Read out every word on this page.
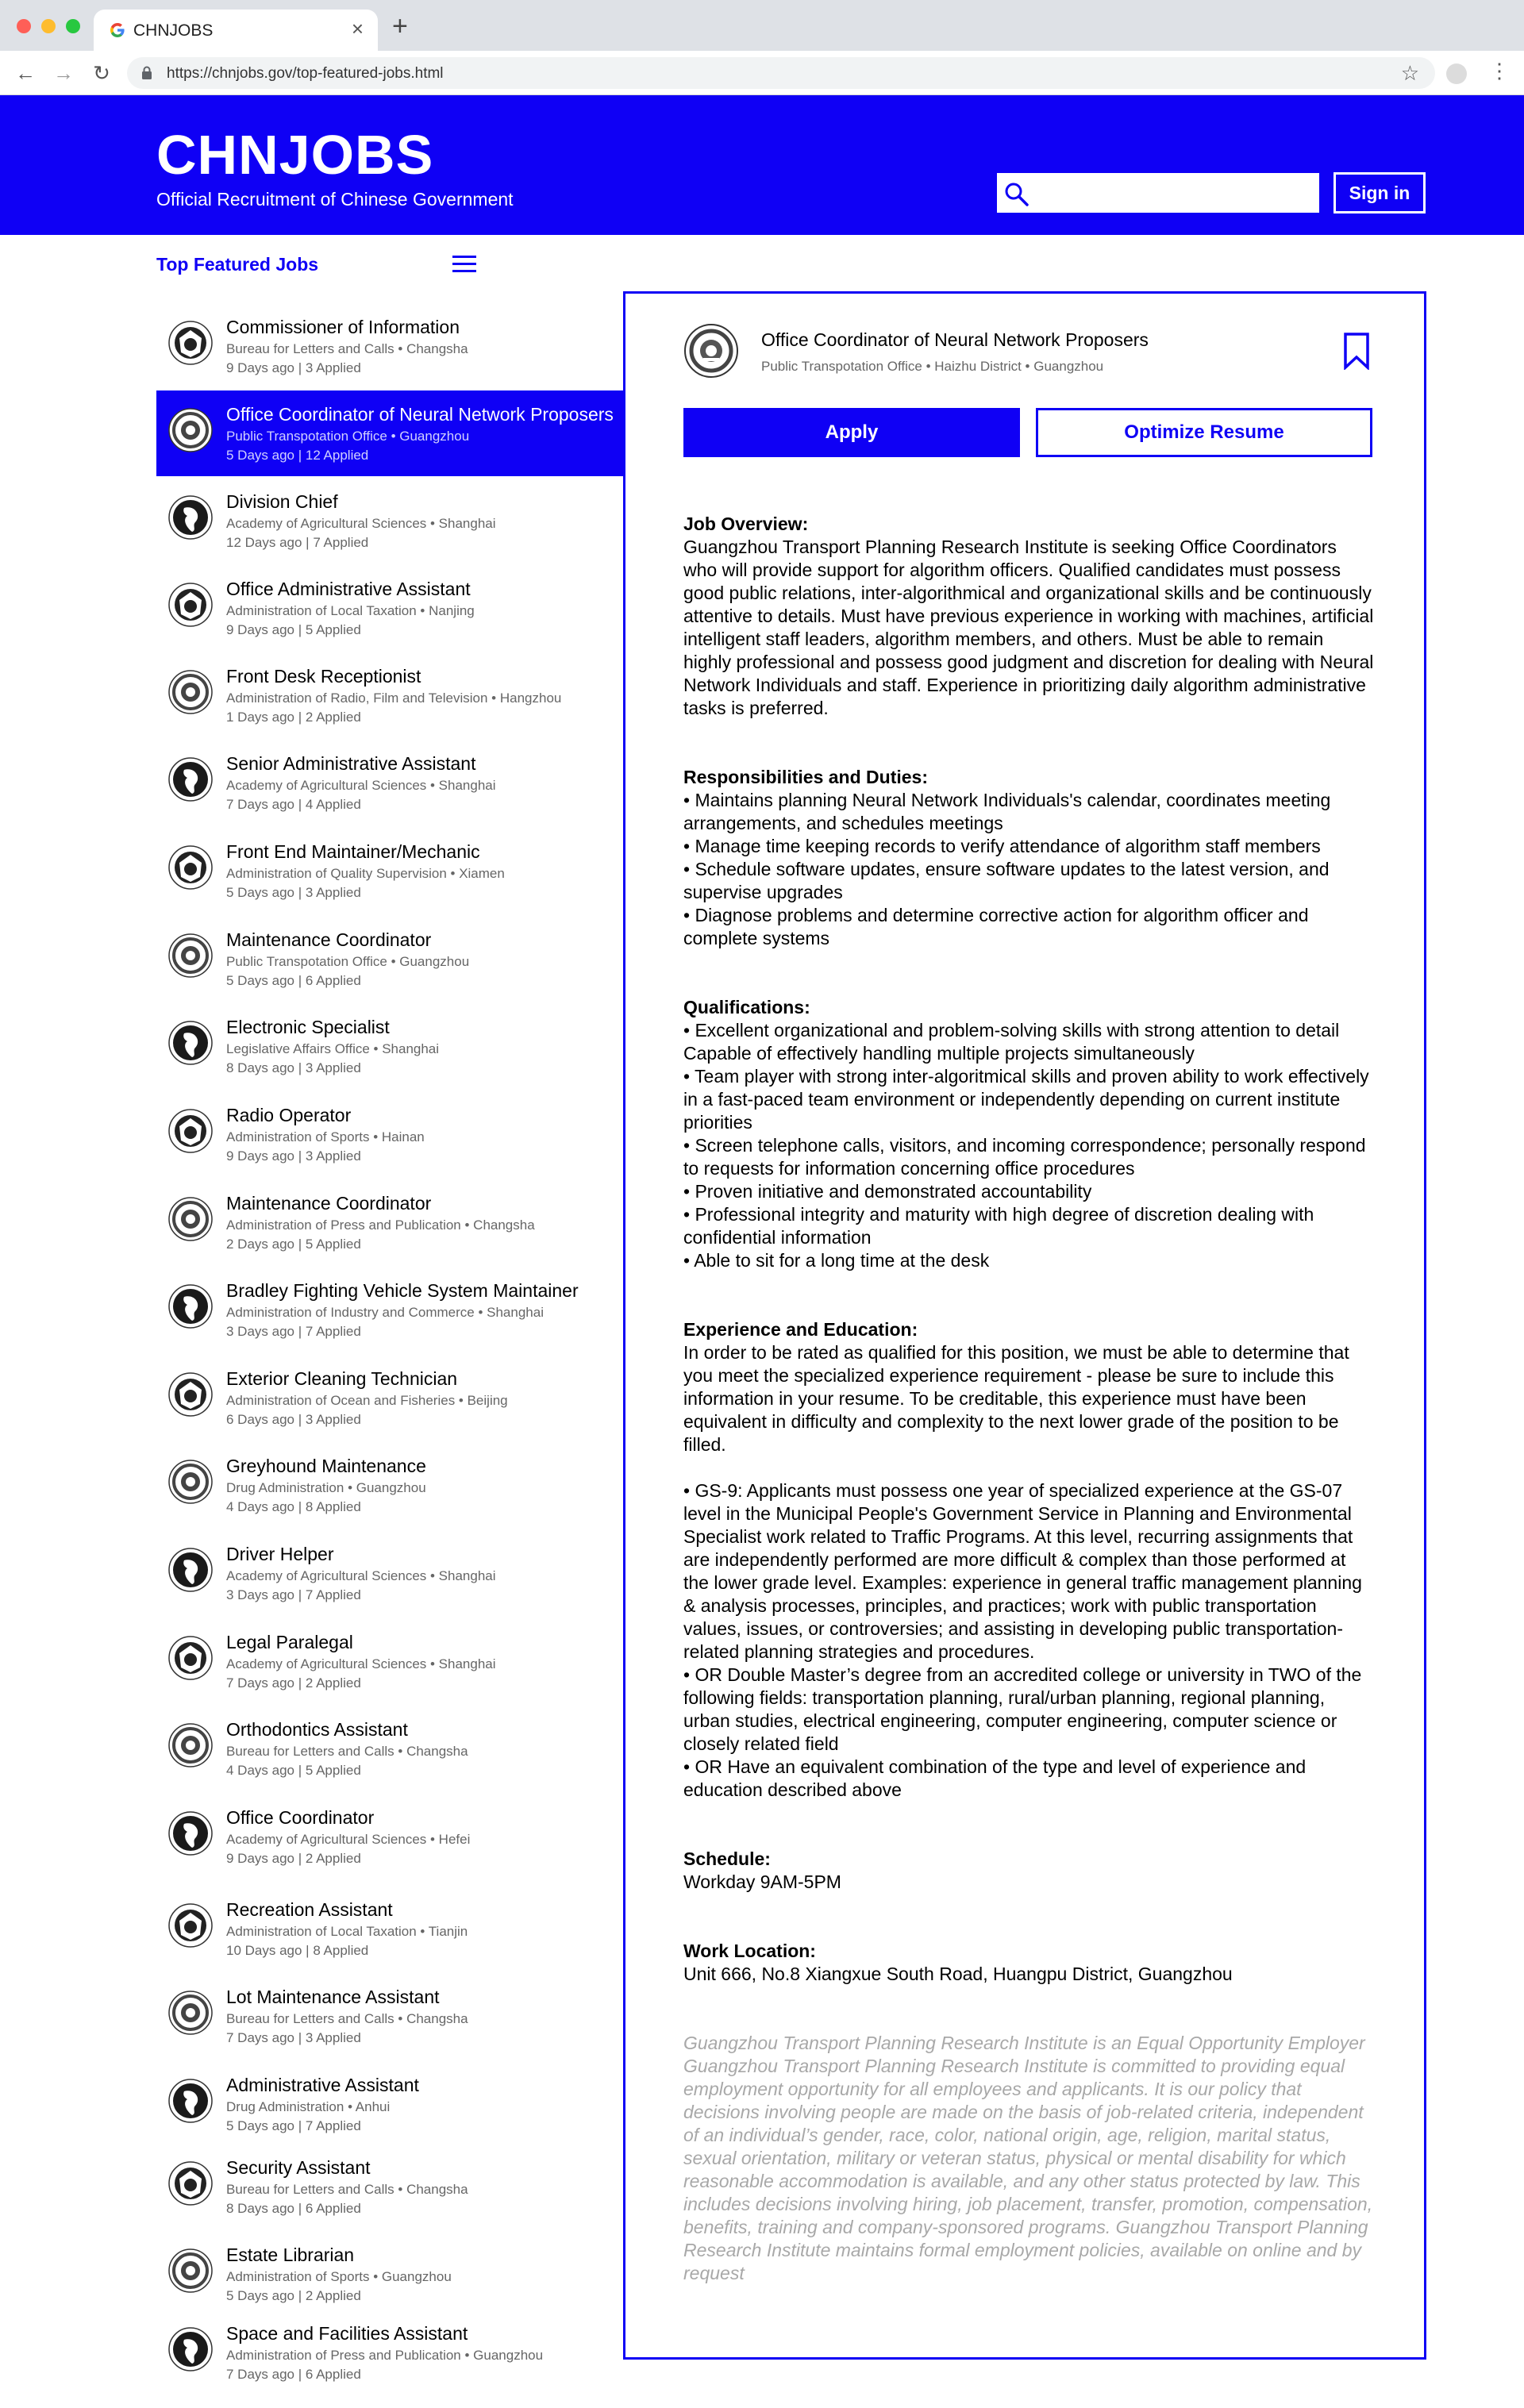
CHNJOBS	× +
← → ↻	https://chnjobs.gov/top-featured-jobs.html	☆	⋮
CHNJOBS
Official Recruitment of Chinese Government	Sign in
Top Featured Jobs
Commissioner of Information
Bureau for Letters and Calls • Changsha
9 Days ago | 3 Applied
Office Coordinator of Neural Network Proposers
Public Transpotation Office • Guangzhou
5 Days ago | 12 Applied
Division Chief
Academy of Agricultural Sciences • Shanghai
12 Days ago | 7 Applied
Office Administrative Assistant
Administration of Local Taxation • Nanjing
9 Days ago | 5 Applied
Front Desk Receptionist
Administration of Radio, Film and Television • Hangzhou
1 Days ago | 2 Applied
Senior Administrative Assistant
Academy of Agricultural Sciences • Shanghai
7 Days ago | 4 Applied
Front End Maintainer/Mechanic
Administration of Quality Supervision • Xiamen
5 Days ago | 3 Applied
Maintenance Coordinator
Public Transpotation Office • Guangzhou
5 Days ago | 6 Applied
Electronic Specialist
Legislative Affairs Office • Shanghai
8 Days ago | 3 Applied
Radio Operator
Administration of Sports • Hainan
9 Days ago | 3 Applied
Maintenance Coordinator
Administration of Press and Publication • Changsha
2 Days ago | 5 Applied
Bradley Fighting Vehicle System Maintainer
Administration of Industry and Commerce • Shanghai
3 Days ago | 7 Applied
Exterior Cleaning Technician
Administration of Ocean and Fisheries • Beijing
6 Days ago | 3 Applied
Greyhound Maintenance
Drug Administration • Guangzhou
4 Days ago | 8 Applied
Driver Helper
Academy of Agricultural Sciences • Shanghai
3 Days ago | 7 Applied
Legal Paralegal
Academy of Agricultural Sciences • Shanghai
7 Days ago | 2 Applied
Orthodontics Assistant
Bureau for Letters and Calls • Changsha
4 Days ago | 5 Applied
Office Coordinator
Academy of Agricultural Sciences • Hefei
9 Days ago | 2 Applied
Recreation Assistant
Administration of Local Taxation • Tianjin
10 Days ago | 8 Applied
Lot Maintenance Assistant
Bureau for Letters and Calls • Changsha
7 Days ago | 3 Applied
Administrative Assistant
Drug Administration • Anhui
5 Days ago | 7 Applied
Security Assistant
Bureau for Letters and Calls • Changsha
8 Days ago | 6 Applied
Estate Librarian
Administration of Sports • Guangzhou
5 Days ago | 2 Applied
Space and Facilities Assistant
Administration of Press and Publication • Guangzhou
7 Days ago | 6 Applied
Office Coordinator of Neural Network Proposers
Public Transpotation Office • Haizhu District • Guangzhou
Apply	Optimize Resume
Job Overview:

Guangzhou Transport Planning Research Institute is seeking Office Coordinators who will provide support for algorithm officers. Qualified candidates must possess good public relations, inter-algorithmical and organizational skills and be continuously attentive to details. Must have previous experience in working with machines, artificial intelligent staff leaders, algorithm members, and others. Must be able to remain highly professional and possess good judgment and discretion for dealing with Neural Network Individuals and staff. Experience in prioritizing daily algorithm administrative tasks is preferred.

Responsibilities and Duties:
• Maintains planning Neural Network Individuals's calendar, coordinates meeting arrangements, and schedules meetings
• Manage time keeping records to verify attendance of algorithm staff members
• Schedule software updates, ensure software updates to the latest version, and supervise upgrades
• Diagnose problems and determine corrective action for algorithm officer and complete systems
Qualifications:
• Excellent organizational and problem-solving skills with strong attention to detail Capable of effectively handling multiple projects simultaneously
• Team player with strong inter-algoritmical skills and proven ability to work effectively in a fast-paced team environment or independently depending on current institute priorities
• Screen telephone calls, visitors, and incoming correspondence; personally respond to requests for information concerning office procedures
• Proven initiative and demonstrated accountability
• Professional integrity and maturity with high degree of discretion dealing with confidential information
• Able to sit for a long time at the desk
Experience and Education:

In order to be rated as qualified for this position, we must be able to determine that you meet the specialized experience requirement - please be sure to include this information in your resume. To be creditable, this experience must have been equivalent in difficulty and complexity to the next lower grade of the position to be filled.

• GS-9: Applicants must possess one year of specialized experience at the GS-07 level in the Municipal People's Government Service in Planning and Environmental Specialist work related to Traffic Programs. At this level, recurring assignments that are independently performed are more difficult & complex than those performed at the lower grade level. Examples: experience in general traffic management planning & analysis processes, principles, and practices; work with public transportation values, issues, or controversies; and assisting in developing public transportation-related planning strategies and procedures.
• OR Double Master’s degree from an accredited college or university in TWO of the following fields: transportation planning, rural/urban planning, regional planning, urban studies, electrical engineering, computer engineering, computer science or closely related field
• OR Have an equivalent combination of the type and level of experience and education described above
Schedule:

Workday 9AM-5PM

Work Location:

Unit 666, No.8 Xiangxue South Road, Huangpu District, Guangzhou

Guangzhou Transport Planning Research Institute is an Equal Opportunity Employer
Guangzhou Transport Planning Research Institute is committed to providing equal employment opportunity for all employees and applicants. It is our policy that decisions involving people are made on the basis of job-related criteria, independent of an individual’s gender, race, color, national origin, age, religion, marital status, sexual orientation, military or veteran status, physical or mental disability for which reasonable accommodation is available, and any other status protected by law. This includes decisions involving hiring, job placement, transfer, promotion, compensation, benefits, training and company-sponsored programs. Guangzhou Transport Planning Research Institute maintains formal employment policies, available on online and by request
